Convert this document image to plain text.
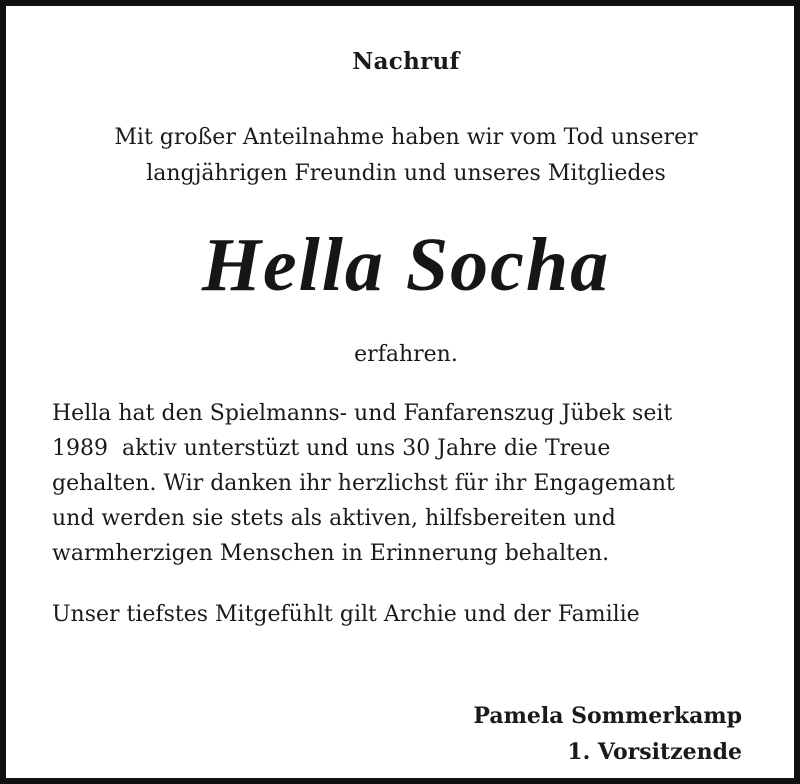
Nachruf
Mit großer Anteilnahme haben wir vom Tod unserer
langjährigen Freundin und unseres Mitgliedes
Hella Socha
erfahren.
Hella hat den Spielmanns- und Fanfarenszug Jübek seit
1989  aktiv unterstüzt und uns 30 Jahre die Treue
gehalten. Wir danken ihr herzlichst für ihr Engagemant
und werden sie stets als aktiven, hilfsbereiten und
warmherzigen Menschen in Erinnerung behalten.
Unser tiefstes Mitgefühlt gilt Archie und der Familie
Pamela Sommerkamp
1. Vorsitzende
